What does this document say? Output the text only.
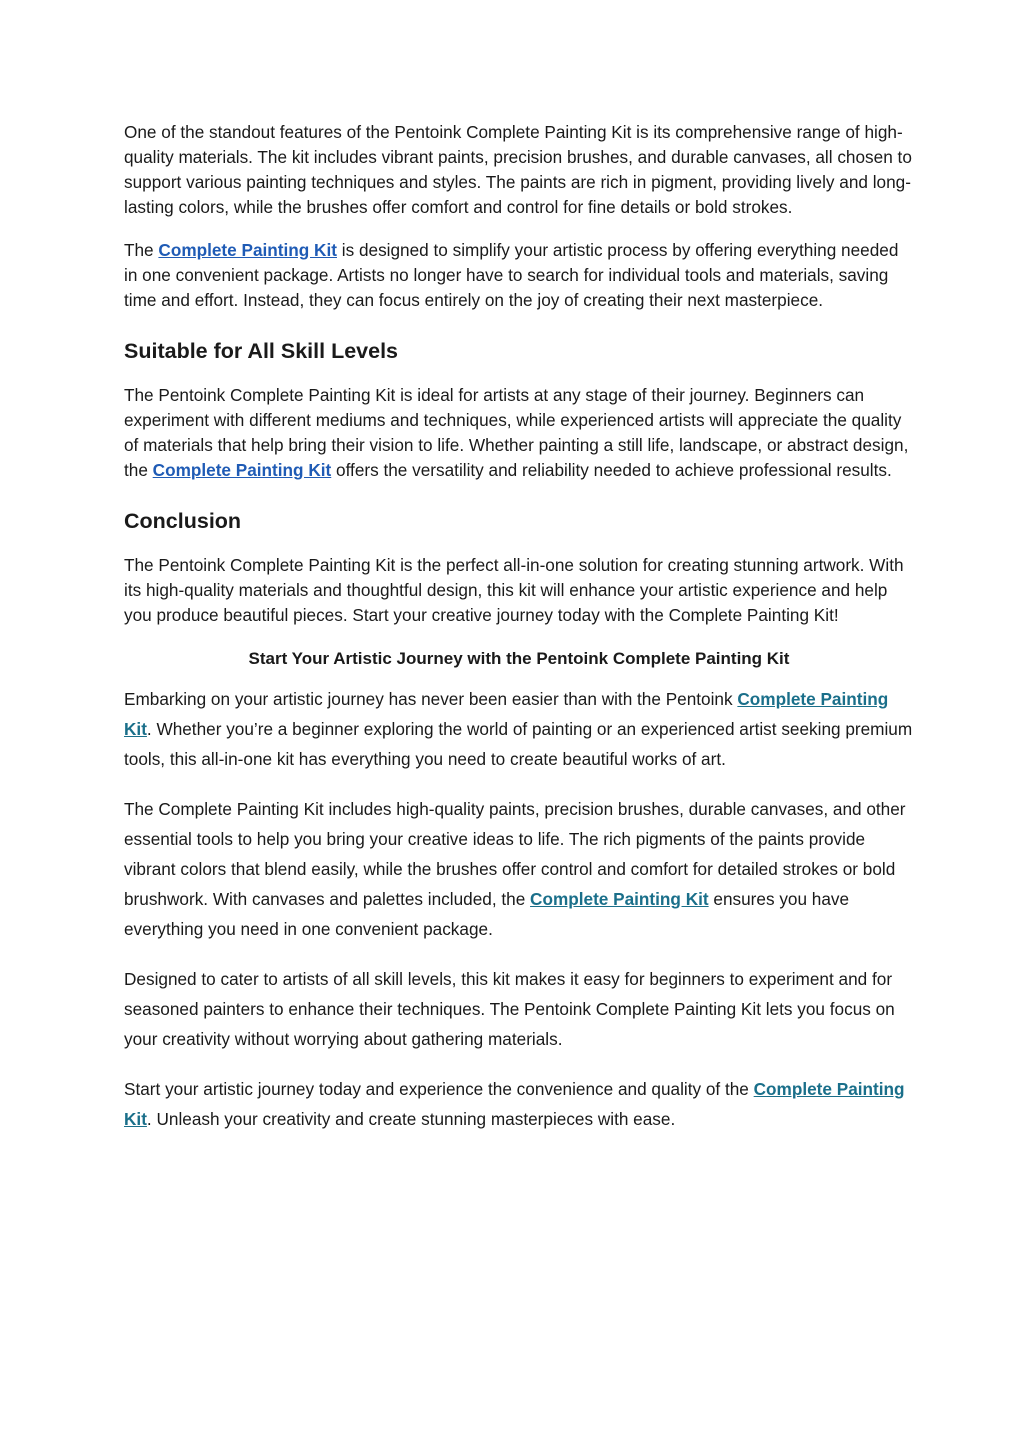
One of the standout features of the Pentoink Complete Painting Kit is its comprehensive range of high-quality materials. The kit includes vibrant paints, precision brushes, and durable canvases, all chosen to support various painting techniques and styles. The paints are rich in pigment, providing lively and long-lasting colors, while the brushes offer comfort and control for fine details or bold strokes.

The Complete Painting Kit is designed to simplify your artistic process by offering everything needed in one convenient package. Artists no longer have to search for individual tools and materials, saving time and effort. Instead, they can focus entirely on the joy of creating their next masterpiece.

Suitable for All Skill Levels

The Pentoink Complete Painting Kit is ideal for artists at any stage of their journey. Beginners can experiment with different mediums and techniques, while experienced artists will appreciate the quality of materials that help bring their vision to life. Whether painting a still life, landscape, or abstract design, the Complete Painting Kit offers the versatility and reliability needed to achieve professional results.

Conclusion

The Pentoink Complete Painting Kit is the perfect all-in-one solution for creating stunning artwork. With its high-quality materials and thoughtful design, this kit will enhance your artistic experience and help you produce beautiful pieces. Start your creative journey today with the Complete Painting Kit!

Start Your Artistic Journey with the Pentoink Complete Painting Kit

Embarking on your artistic journey has never been easier than with the Pentoink Complete Painting Kit. Whether you’re a beginner exploring the world of painting or an experienced artist seeking premium tools, this all-in-one kit has everything you need to create beautiful works of art.

The Complete Painting Kit includes high-quality paints, precision brushes, durable canvases, and other essential tools to help you bring your creative ideas to life. The rich pigments of the paints provide vibrant colors that blend easily, while the brushes offer control and comfort for detailed strokes or bold brushwork. With canvases and palettes included, the Complete Painting Kit ensures you have everything you need in one convenient package.

Designed to cater to artists of all skill levels, this kit makes it easy for beginners to experiment and for seasoned painters to enhance their techniques. The Pentoink Complete Painting Kit lets you focus on your creativity without worrying about gathering materials.

Start your artistic journey today and experience the convenience and quality of the Complete Painting Kit. Unleash your creativity and create stunning masterpieces with ease.
